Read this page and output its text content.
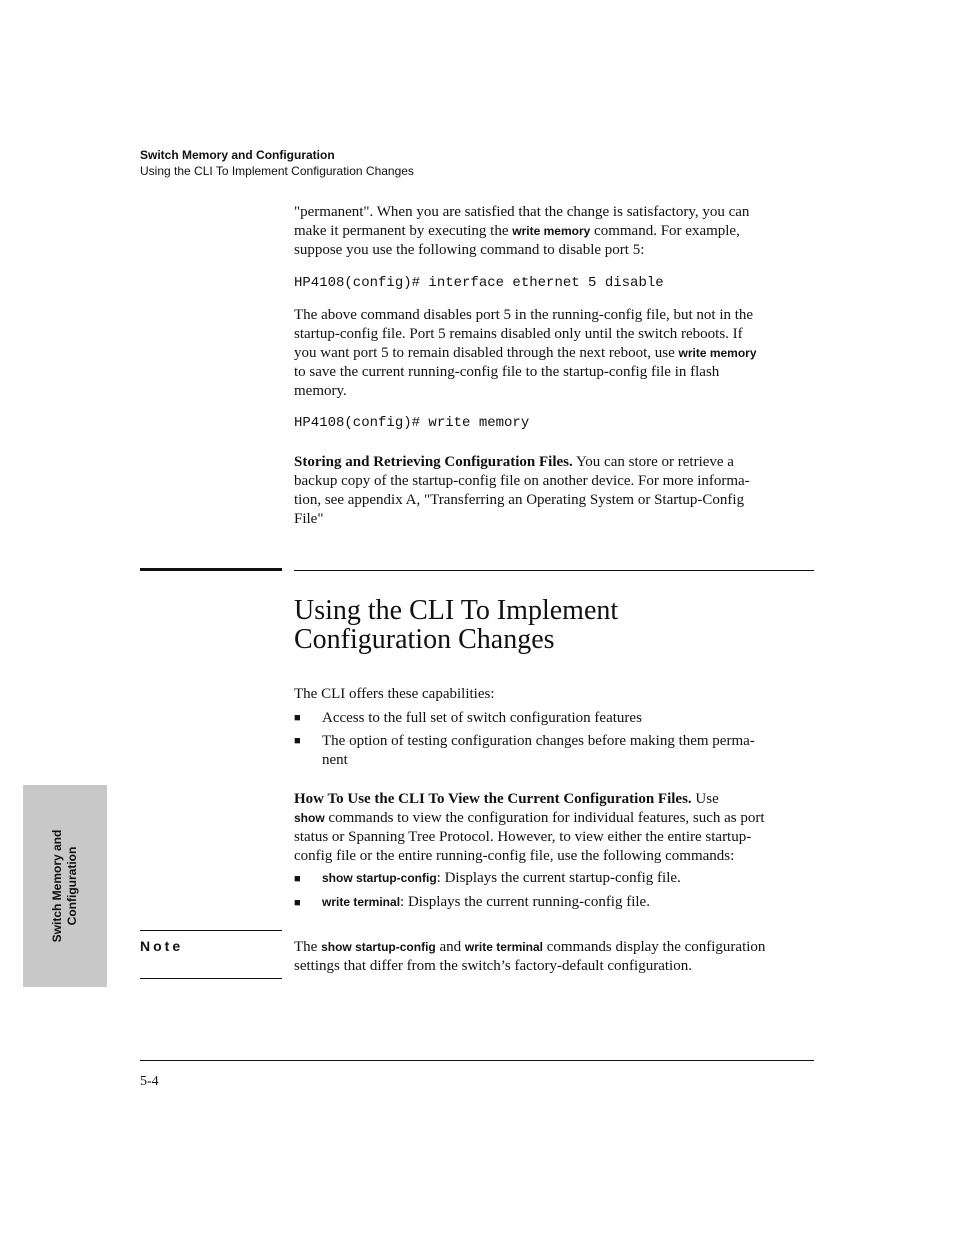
Switch Memory and Configuration
Using the CLI To Implement Configuration Changes
"permanent". When you are satisfied that the change is satisfactory, you can
make it permanent by executing the write memory command. For example,
suppose you use the following command to disable port 5:
HP4108(config)# interface ethernet 5 disable
The above command disables port 5 in the running-config file, but not in the
startup-config file. Port 5 remains disabled only until the switch reboots. If
you want port 5 to remain disabled through the next reboot, use write memory
to save the current running-config file to the startup-config file in flash
memory.
HP4108(config)# write memory
Storing and Retrieving Configuration Files. You can store or retrieve a
backup copy of the startup-config file on another device. For more informa-
tion, see appendix A, "Transferring an Operating System or Startup-Config
File"
Using the CLI To Implement
Configuration Changes
The CLI offers these capabilities:
■ Access to the full set of switch configuration features
■ The option of testing configuration changes before making them perma-
nent
How To Use the CLI To View the Current Configuration Files. Use
show commands to view the configuration for individual features, such as port
status or Spanning Tree Protocol. However, to view either the entire startup-
config file or the entire running-config file, use the following commands:
■ show startup-config: Displays the current startup-config file.
■ write terminal: Displays the current running-config file.
Switch Memory and Configuration
Note	The show startup-config and write terminal commands display the configuration
settings that differ from the switch’s factory-default configuration.
5-4
